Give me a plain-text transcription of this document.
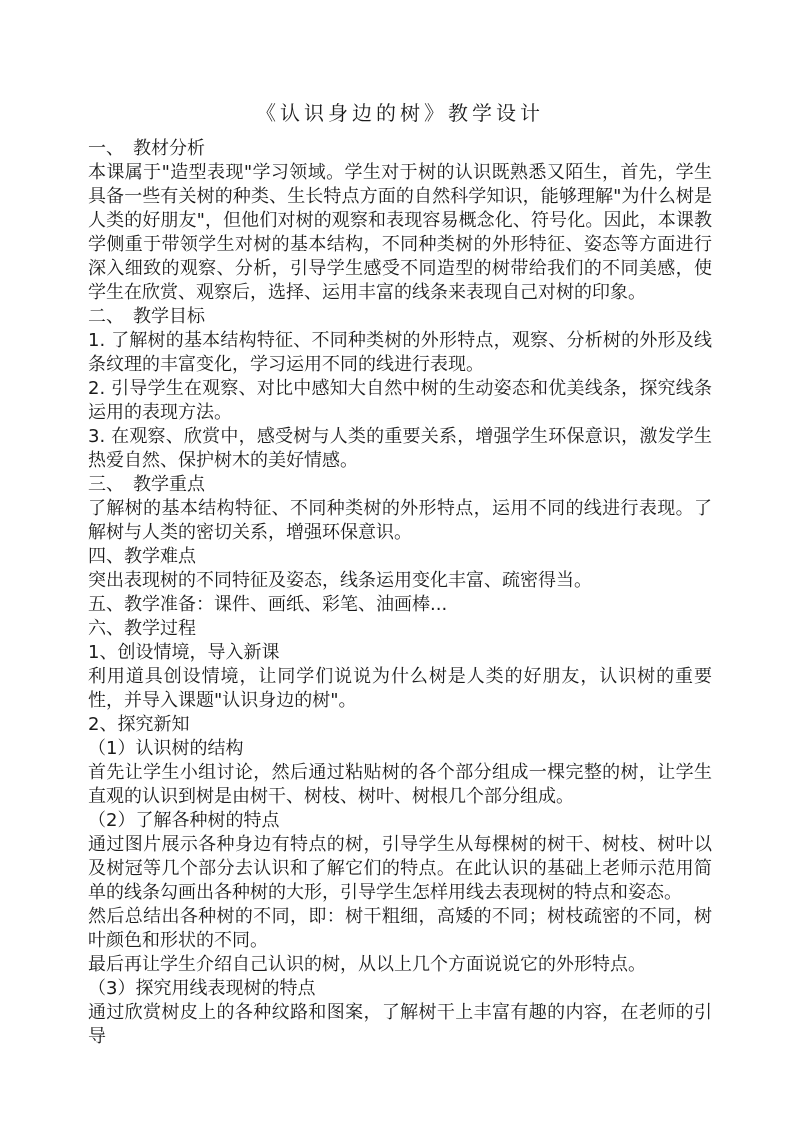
《认识身边的树》教学设计

一、　教材分析

本课属于"造型表现"学习领域。学生对于树的认识既熟悉又陌生，首先，学生具备一些有关树的种类、生长特点方面的自然科学知识，能够理解"为什么树是人类的好朋友"，但他们对树的观察和表现容易概念化、符号化。因此，本课教学侧重于带领学生对树的基本结构，不同种类树的外形特征、姿态等方面进行深入细致的观察、分析，引导学生感受不同造型的树带给我们的不同美感，使学生在欣赏、观察后，选择、运用丰富的线条来表现自己对树的印象。

二、　教学目标

1. 了解树的基本结构特征、不同种类树的外形特点，观察、分析树的外形及线条纹理的丰富变化，学习运用不同的线进行表现。

2. 引导学生在观察、对比中感知大自然中树的生动姿态和优美线条，探究线条运用的表现方法。

3. 在观察、欣赏中，感受树与人类的重要关系，增强学生环保意识，激发学生热爱自然、保护树木的美好情感。

三、　教学重点

了解树的基本结构特征、不同种类树的外形特点，运用不同的线进行表现。了解树与人类的密切关系，增强环保意识。

四、教学难点

突出表现树的不同特征及姿态，线条运用变化丰富、疏密得当。

五、教学准备：课件、画纸、彩笔、油画棒...

六、教学过程

1、创设情境，导入新课

利用道具创设情境，让同学们说说为什么树是人类的好朋友，认识树的重要性，并导入课题"认识身边的树"。

2、探究新知

（1）认识树的结构

首先让学生小组讨论，然后通过粘贴树的各个部分组成一棵完整的树，让学生直观的认识到树是由树干、树枝、树叶、树根几个部分组成。

（2）了解各种树的特点

通过图片展示各种身边有特点的树，引导学生从每棵树的树干、树枝、树叶以及树冠等几个部分去认识和了解它们的特点。在此认识的基础上老师示范用简单的线条勾画出各种树的大形，引导学生怎样用线去表现树的特点和姿态。

然后总结出各种树的不同，即：树干粗细，高矮的不同；树枝疏密的不同，树叶颜色和形状的不同。

最后再让学生介绍自己认识的树，从以上几个方面说说它的外形特点。

（3）探究用线表现树的特点

通过欣赏树皮上的各种纹路和图案，了解树干上丰富有趣的内容，在老师的引导
